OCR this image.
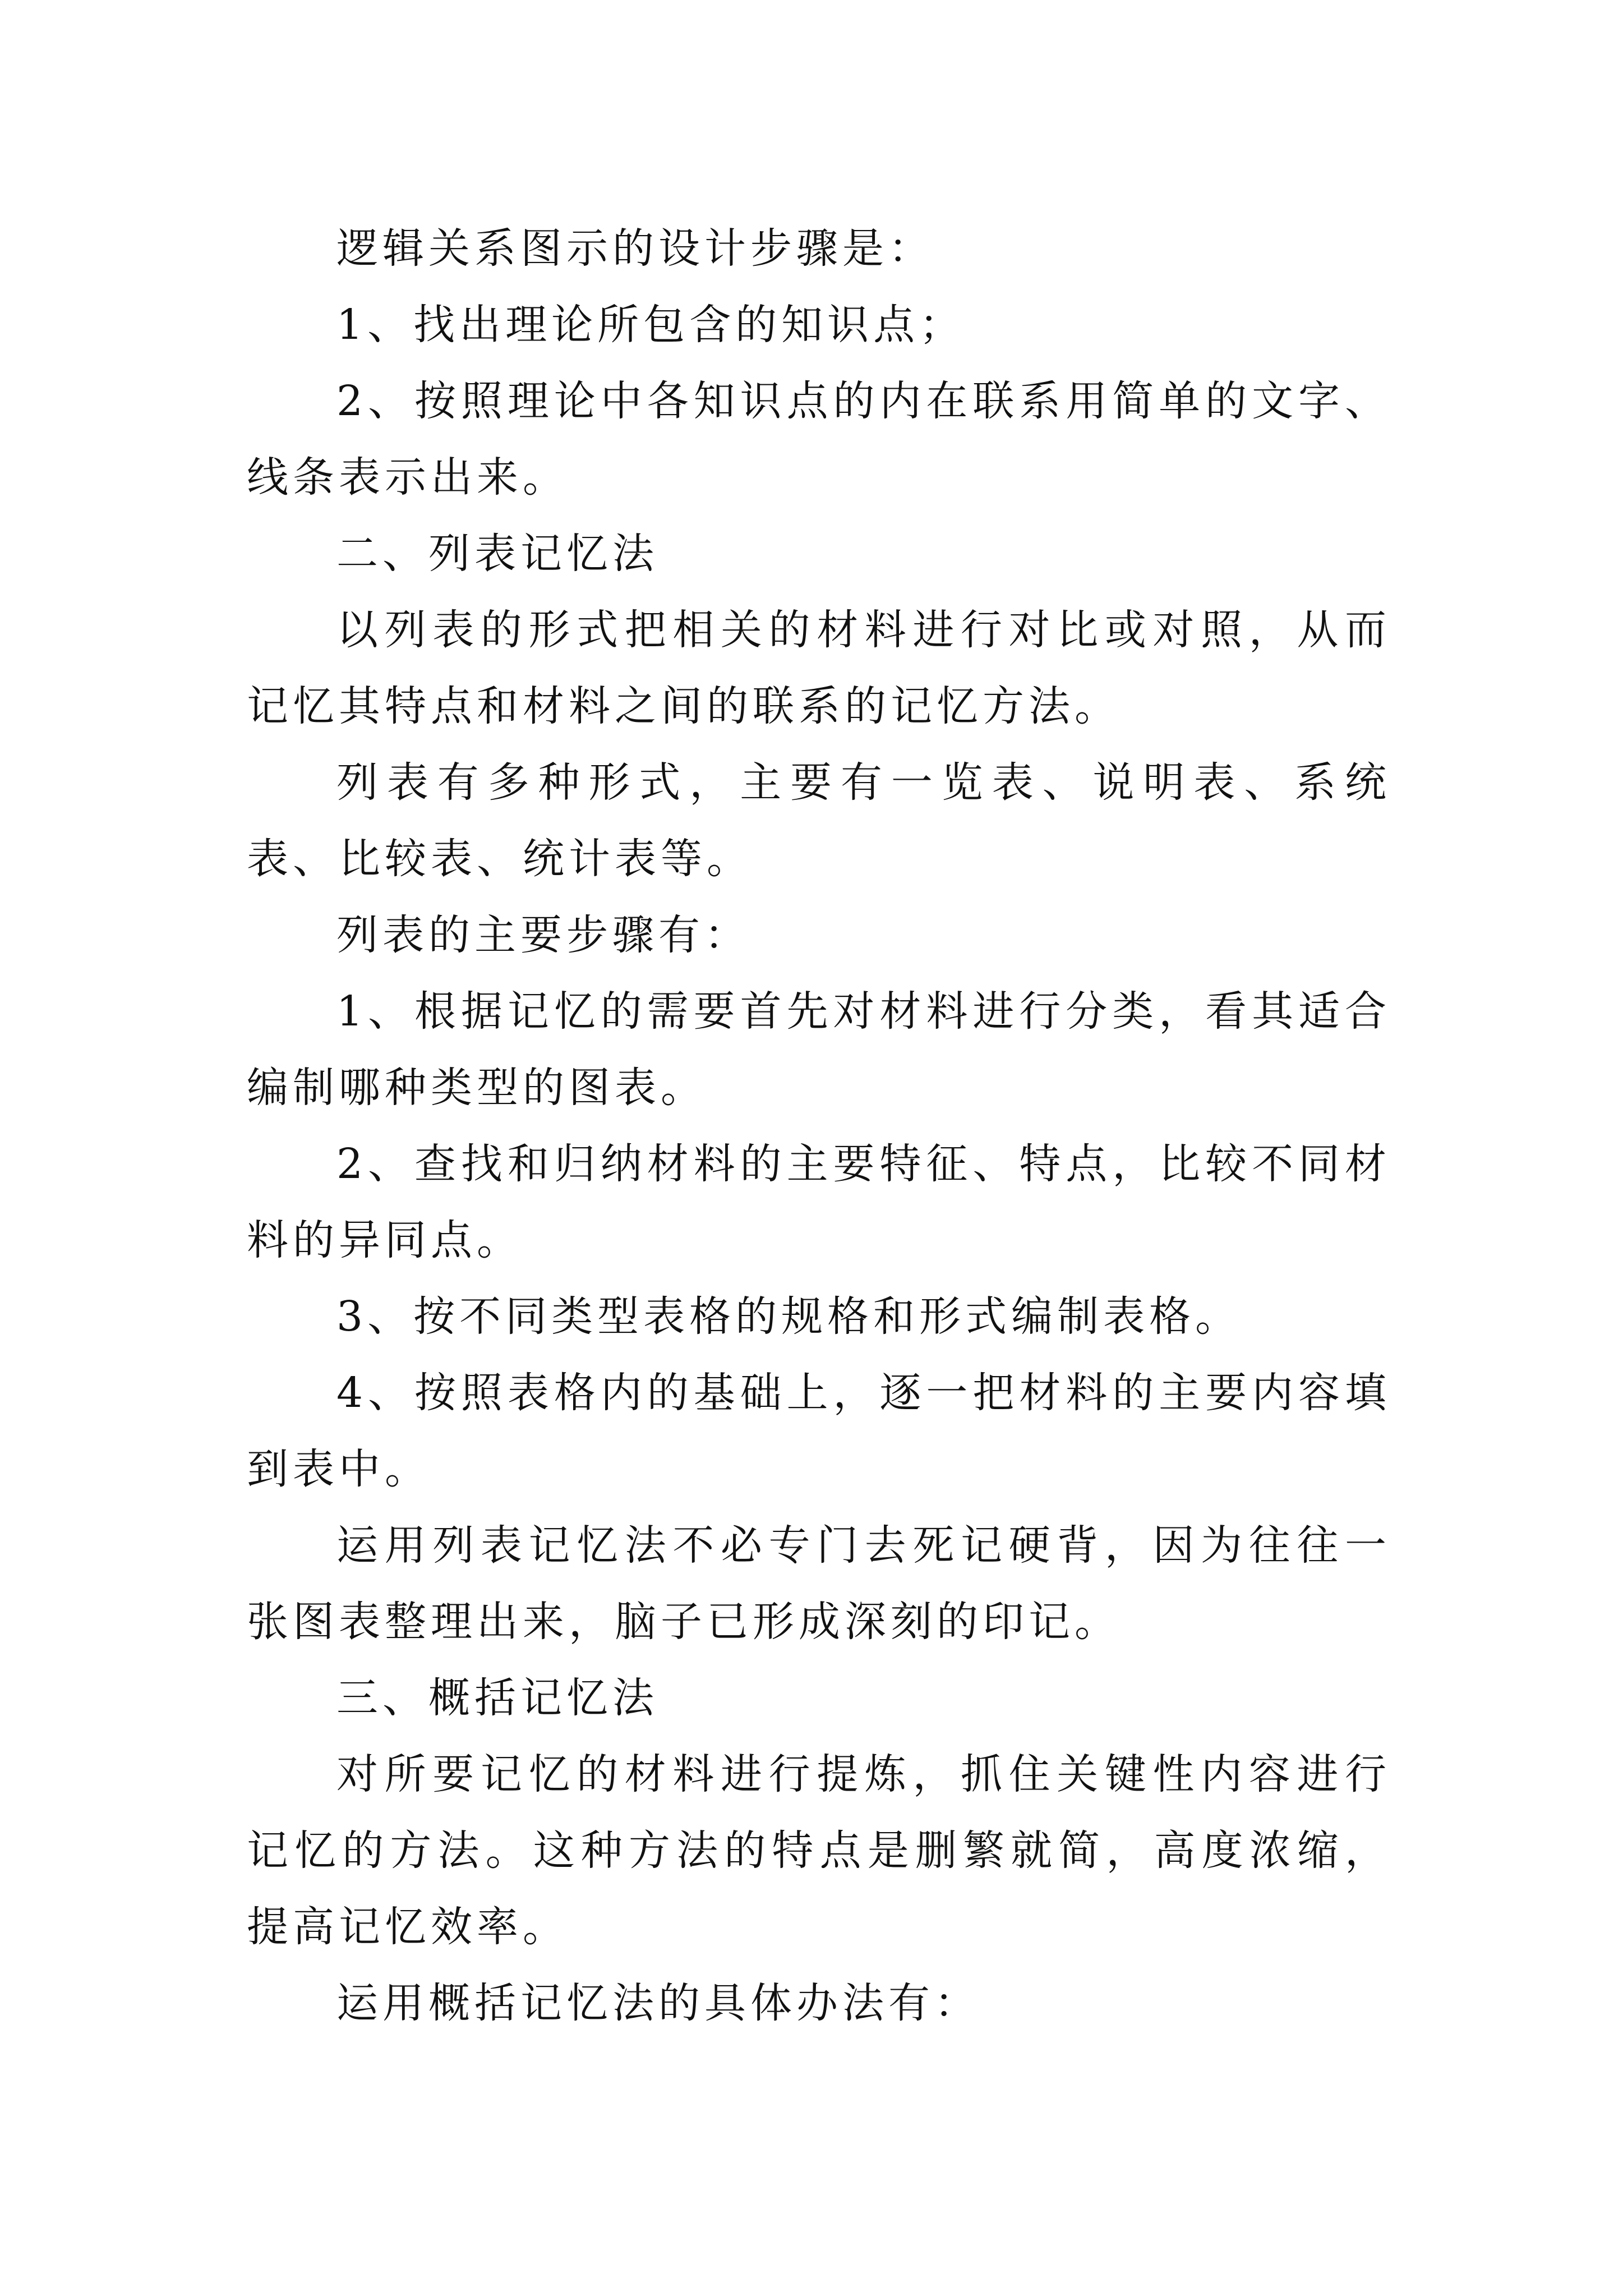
逻辑关系图示的设计步骤是：

1、找出理论所包含的知识点；

2、按照理论中各知识点的内在联系用简单的文字、线条表示出来。

二、列表记忆法

以列表的形式把相关的材料进行对比或对照，从而记忆其特点和材料之间的联系的记忆方法。

列表有多种形式，主要有一览表、说明表、系统表、比较表、统计表等。

列表的主要步骤有：

1、根据记忆的需要首先对材料进行分类，看其适合编制哪种类型的图表。

2、查找和归纳材料的主要特征、特点，比较不同材料的异同点。

3、按不同类型表格的规格和形式编制表格。

4、按照表格内的基础上，逐一把材料的主要内容填到表中。

运用列表记忆法不必专门去死记硬背，因为往往一张图表整理出来，脑子已形成深刻的印记。

三、概括记忆法

对所要记忆的材料进行提炼，抓住关键性内容进行记忆的方法。这种方法的特点是删繁就简，高度浓缩，提高记忆效率。

运用概括记忆法的具体办法有：
